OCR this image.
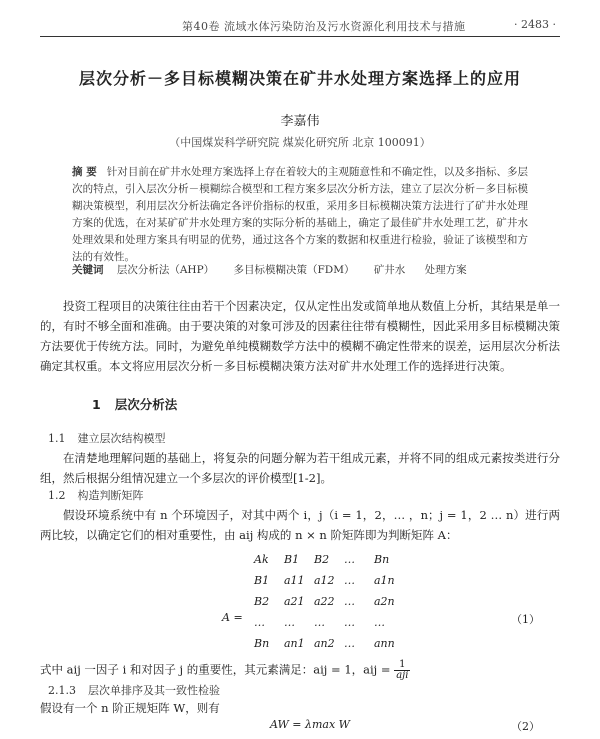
第40卷 流域水体污染防治及污水资源化利用技术与措施	· 2483 ·
层次分析－多目标模糊决策在矿井水处理方案选择上的应用
李嘉伟
（中国煤炭科学研究院 煤炭化研究所 北京 100091）
摘 要 针对目前在矿井水处理方案选择上存在着较大的主观随意性和不确定性，以及多指标、多层次的特点，引入层次分析－模糊综合模型和工程方案多层次分析方法，建立了层次分析－多目标模糊决策模型，利用层次分析法确定各评价指标的权重，采用多目标模糊决策方法进行了矿井水处理方案的优选，在对某矿矿井水处理方案的实际分析的基础上，确定了最佳矿井水处理工艺，矿井水处理效果和处理方案具有明显的优势，通过这各个方案的数据和权重进行检验，验证了该模型和方法的有效性。
关键词 层次分析法（AHP） 多目标模糊决策（FDM） 矿井水 处理方案
投资工程项目的决策往往由若干个因素决定，仅从定性出发或简单地从数值上分析，其结果是单一的，有时不够全面和准确。由于要决策的对象可涉及的因素往往带有模糊性，因此采用多目标模糊决策方法要优于传统方法。同时，为避免单纯模糊数学方法中的模糊不确定性带来的误差，运用层次分析法确定其权重。本文将应用层次分析－多目标模糊决策方法对矿井水处理工作的选择进行决策。
1 层次分析法
1.1 建立层次结构模型
在清楚地理解问题的基础上，将复杂的问题分解为若干组成元素，并将不同的组成元素按类进行分组，然后根据分组情况建立一个多层次的评价模型[1-2]。
1.2 构造判断矩阵
假设环境系统中有 n 个环境因子，对其中两个 i，j（i = 1，2，… ，n；j = 1，2 … n）进行两两比较，以确定它们的相对重要性，由 aij 构成的 n × n 阶矩阵即为判断矩阵 A：
A =
Ak B1 B2 … Bn
B1 a11 a12 … a1n
B2 a21 a22 … a2n
… … … … …
Bn an1 an2 … ann
（1）
式中 aij 一因子 i 和对因子 j 的重要性，其元素满足：aij = 1，aij = $\frac{1}{\text{aji}}$
2.1.3 层次单排序及其一致性检验
假设有一个 n 阶正规矩阵 W，则有
AW = λmax W	（2）
